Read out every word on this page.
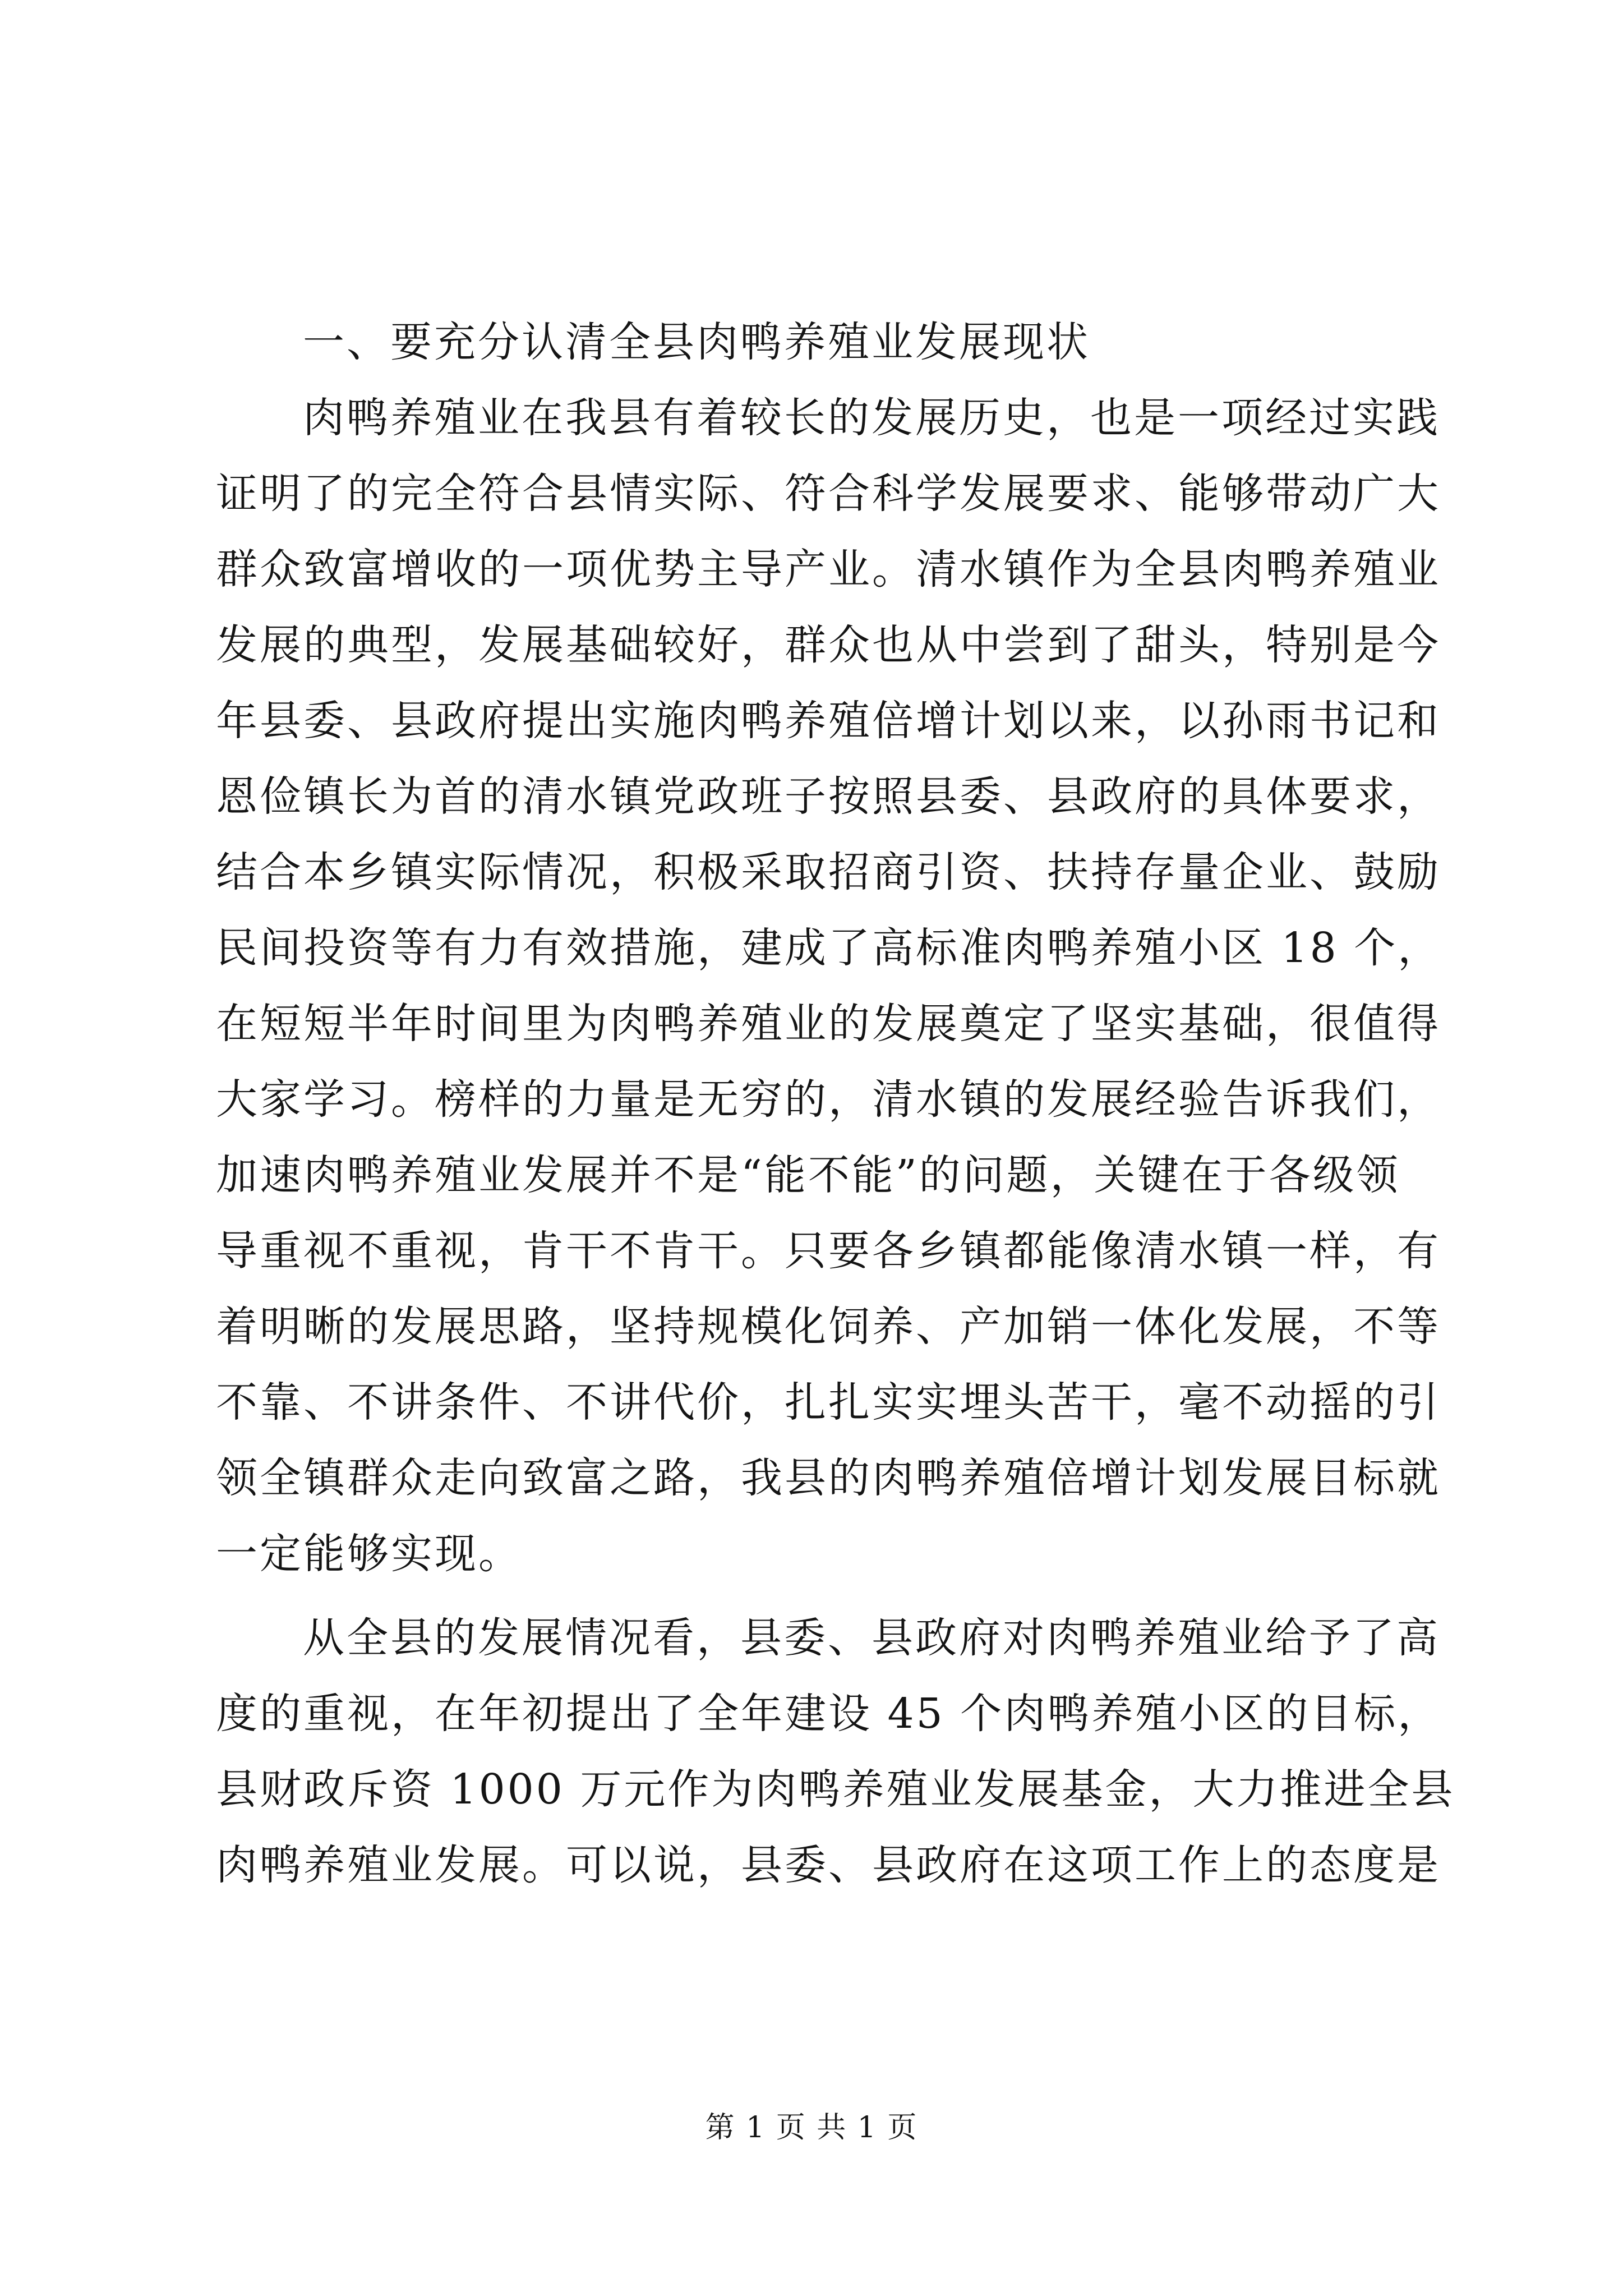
一、要充分认清全县肉鸭养殖业发展现状
肉鸭养殖业在我县有着较长的发展历史，也是一项经过实践
证明了的完全符合县情实际、符合科学发展要求、能够带动广大
群众致富增收的一项优势主导产业。清水镇作为全县肉鸭养殖业
发展的典型，发展基础较好，群众也从中尝到了甜头，特别是今
年县委、县政府提出实施肉鸭养殖倍增计划以来，以孙雨书记和
恩俭镇长为首的清水镇党政班子按照县委、县政府的具体要求，
结合本乡镇实际情况，积极采取招商引资、扶持存量企业、鼓励
民间投资等有力有效措施，建成了高标准肉鸭养殖小区 18 个，
在短短半年时间里为肉鸭养殖业的发展奠定了坚实基础，很值得
大家学习。榜样的力量是无穷的，清水镇的发展经验告诉我们，
加速肉鸭养殖业发展并不是“能不能”的问题，关键在于各级领
导重视不重视，肯干不肯干。只要各乡镇都能像清水镇一样，有
着明晰的发展思路，坚持规模化饲养、产加销一体化发展，不等
不靠、不讲条件、不讲代价，扎扎实实埋头苦干，毫不动摇的引
领全镇群众走向致富之路，我县的肉鸭养殖倍增计划发展目标就
一定能够实现。
从全县的发展情况看，县委、县政府对肉鸭养殖业给予了高
度的重视，在年初提出了全年建设 45 个肉鸭养殖小区的目标，
县财政斥资 1000 万元作为肉鸭养殖业发展基金，大力推进全县
肉鸭养殖业发展。可以说，县委、县政府在这项工作上的态度是
第 1 页 共 1 页
